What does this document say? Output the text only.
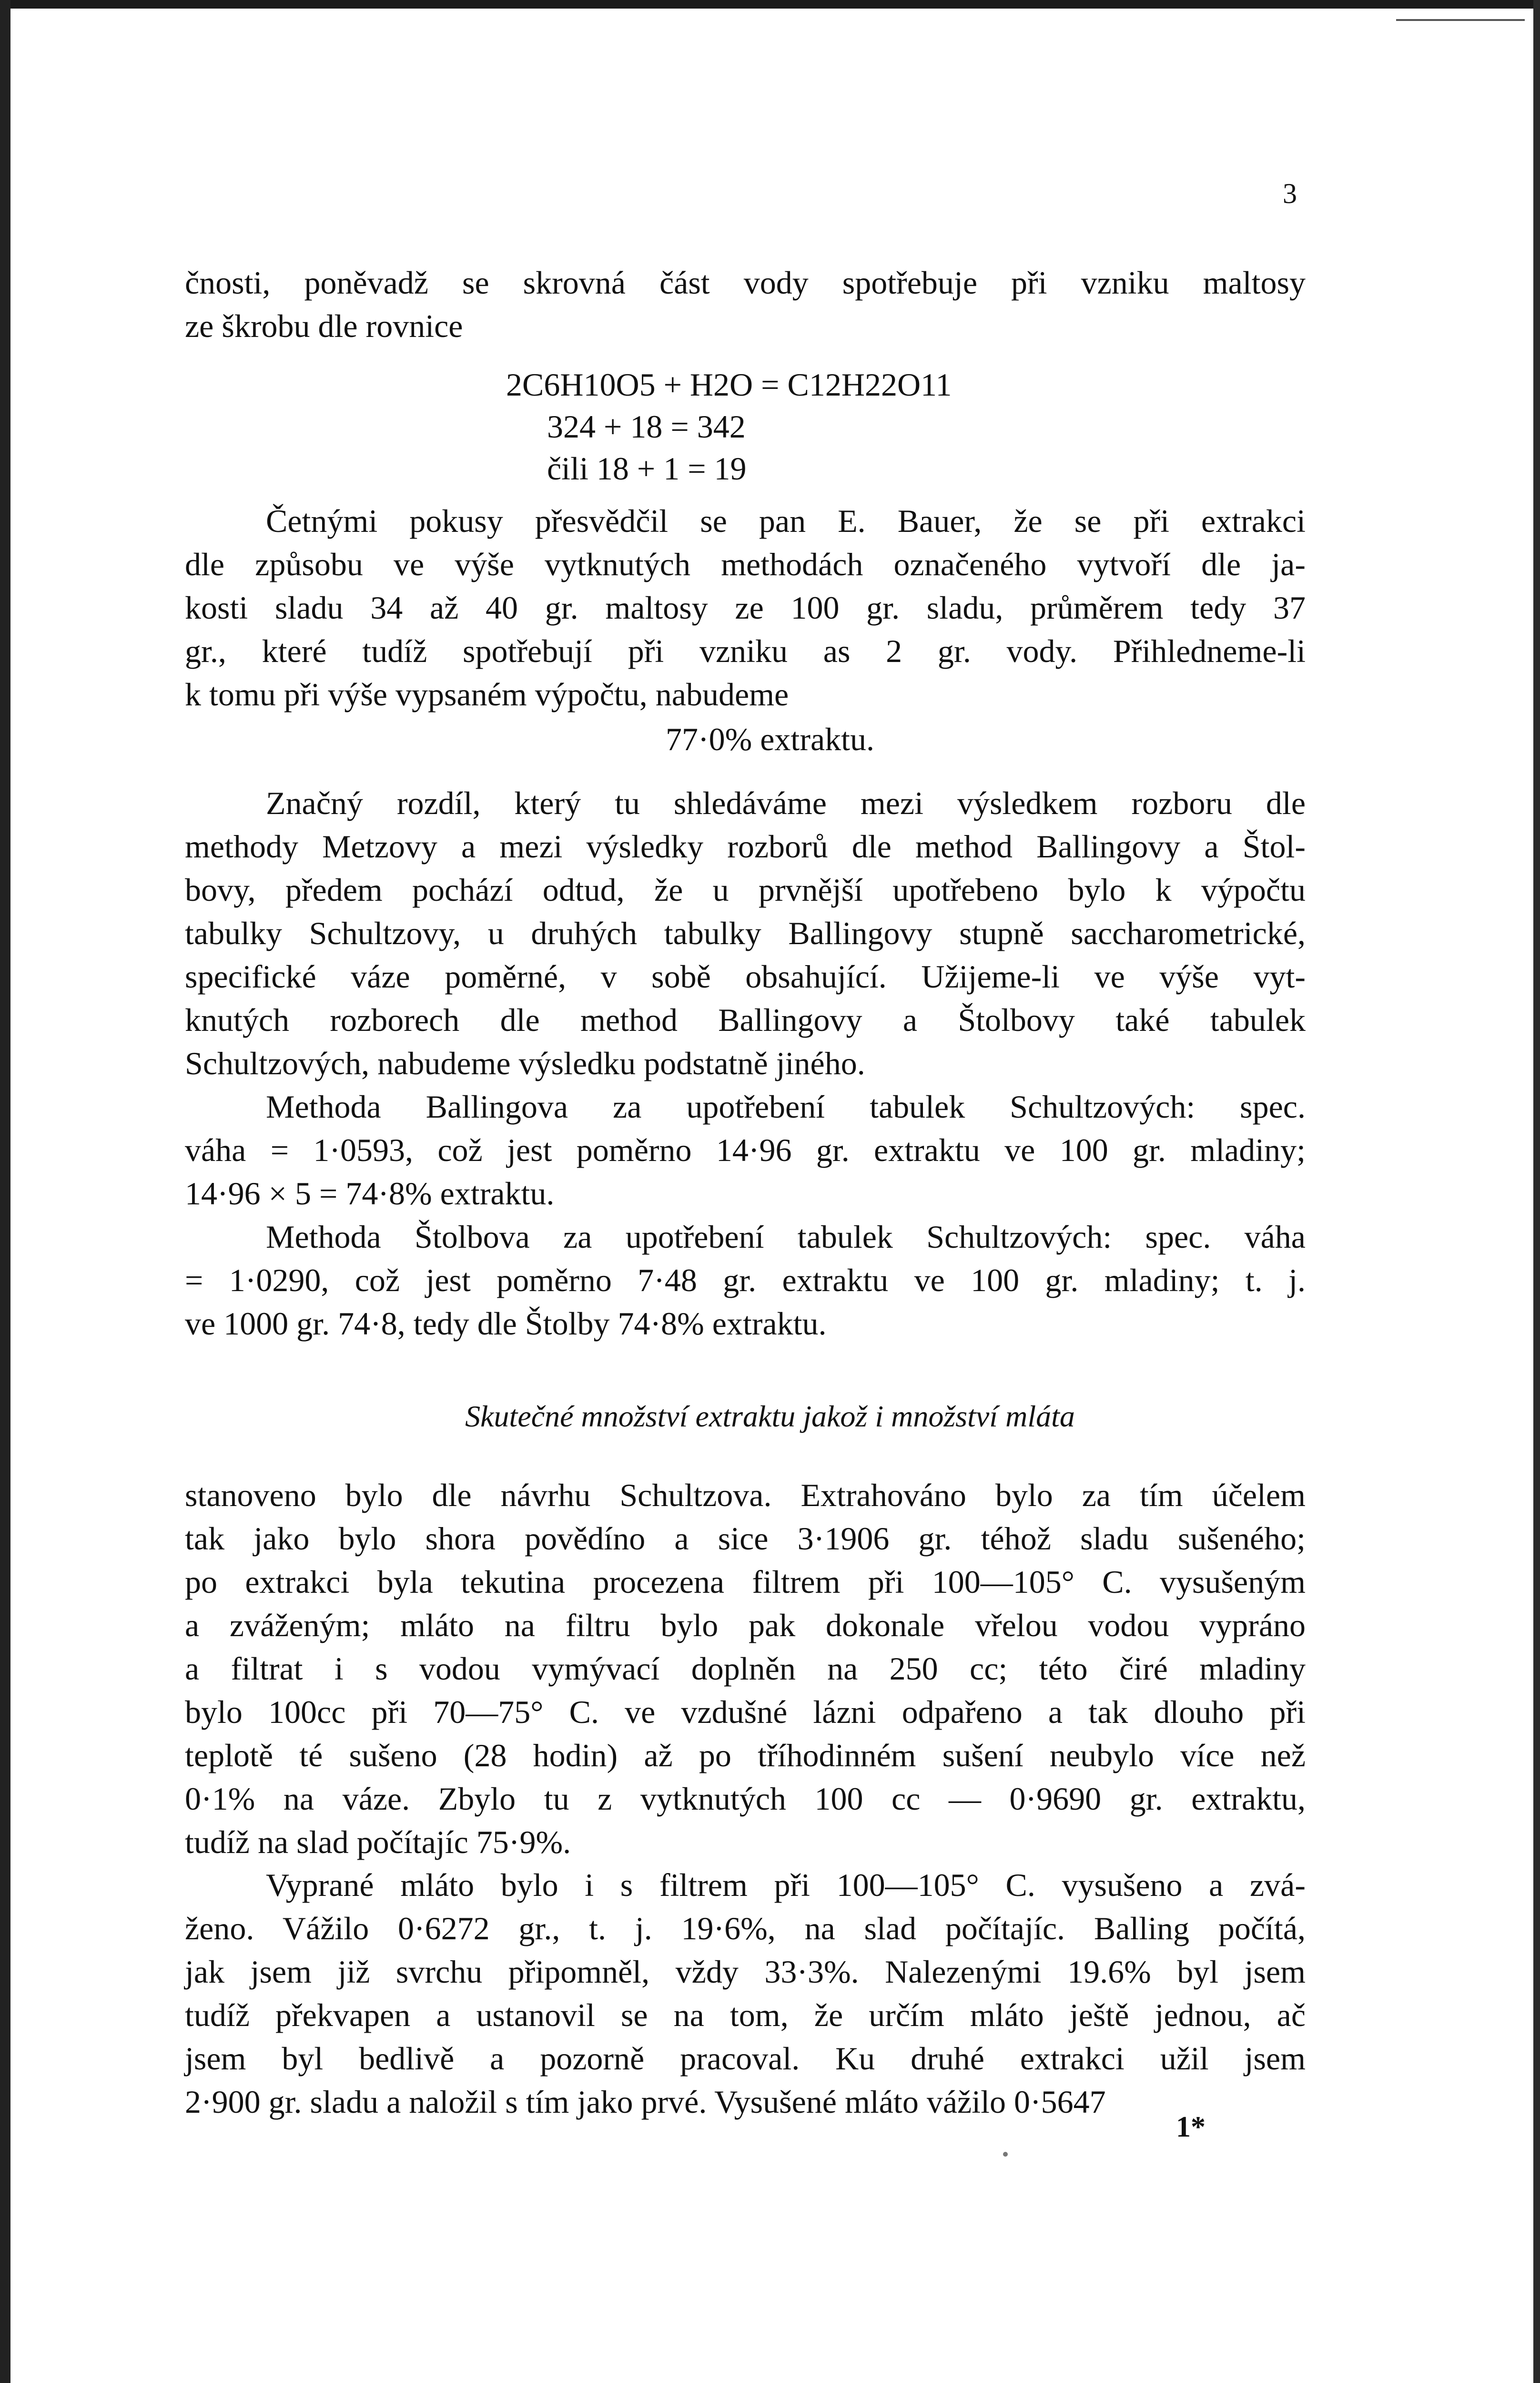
3

čnosti, poněvadž se skrovná část vody spotřebuje při vzniku maltosy

ze škrobu dle rovnice

2C6H10O5 + H2O = C12H22O11
324 + 18 = 342
čili 18 + 1 = 19

Četnými pokusy přesvědčil se pan E. Bauer, že se při extrakci

dle způsobu ve výše vytknutých methodách označeného vytvoří dle ja-

kosti sladu 34 až 40 gr. maltosy ze 100 gr. sladu, průměrem tedy 37

gr., které tudíž spotřebují při vzniku as 2 gr. vody. Přihledneme-li

k tomu při výše vypsaném výpočtu, nabudeme

77·0% extraktu.

Značný rozdíl, který tu shledáváme mezi výsledkem rozboru dle

methody Metzovy a mezi výsledky rozborů dle method Ballingovy a Štol-

bovy, předem pochází odtud, že u prvnější upotřebeno bylo k výpočtu

tabulky Schultzovy, u druhých tabulky Ballingovy stupně saccharometrické,

specifické váze poměrné, v sobě obsahující. Užijeme-li ve výše vyt-

knutých rozborech dle method Ballingovy a Štolbovy také tabulek

Schultzových, nabudeme výsledku podstatně jiného.

Methoda Ballingova za upotřebení tabulek Schultzových: spec.

váha = 1·0593, což jest poměrno 14·96 gr. extraktu ve 100 gr. mladiny;

14·96 × 5 = 74·8% extraktu.

Methoda Štolbova za upotřebení tabulek Schultzových: spec. váha

= 1·0290, což jest poměrno 7·48 gr. extraktu ve 100 gr. mladiny; t. j.

ve 1000 gr. 74·8, tedy dle Štolby 74·8% extraktu.

Skutečné množství extraktu jakož i množství mláta

stanoveno bylo dle návrhu Schultzova. Extrahováno bylo za tím účelem

tak jako bylo shora povědíno a sice 3·1906 gr. téhož sladu sušeného;

po extrakci byla tekutina procezena filtrem při 100—105° C. vysušeným

a zváženým; mláto na filtru bylo pak dokonale vřelou vodou vypráno

a filtrat i s vodou vymývací doplněn na 250 cc; této čiré mladiny

bylo 100cc při 70—75° C. ve vzdušné lázni odpařeno a tak dlouho při

teplotě té sušeno (28 hodin) až po tříhodinném sušení neubylo více než

0·1% na váze. Zbylo tu z vytknutých 100 cc — 0·9690 gr. extraktu,

tudíž na slad počítajíc 75·9%.

Vyprané mláto bylo i s filtrem při 100—105° C. vysušeno a zvá-

ženo. Vážilo 0·6272 gr., t. j. 19·6%, na slad počítajíc. Balling počítá,

jak jsem již svrchu připomněl, vždy 33·3%. Nalezenými 19.6% byl jsem

tudíž překvapen a ustanovil se na tom, že určím mláto ještě jednou, ač

jsem byl bedlivě a pozorně pracoval. Ku druhé extrakci užil jsem

2·900 gr. sladu a naložil s tím jako prvé. Vysušené mláto vážilo 0·5647

1*
